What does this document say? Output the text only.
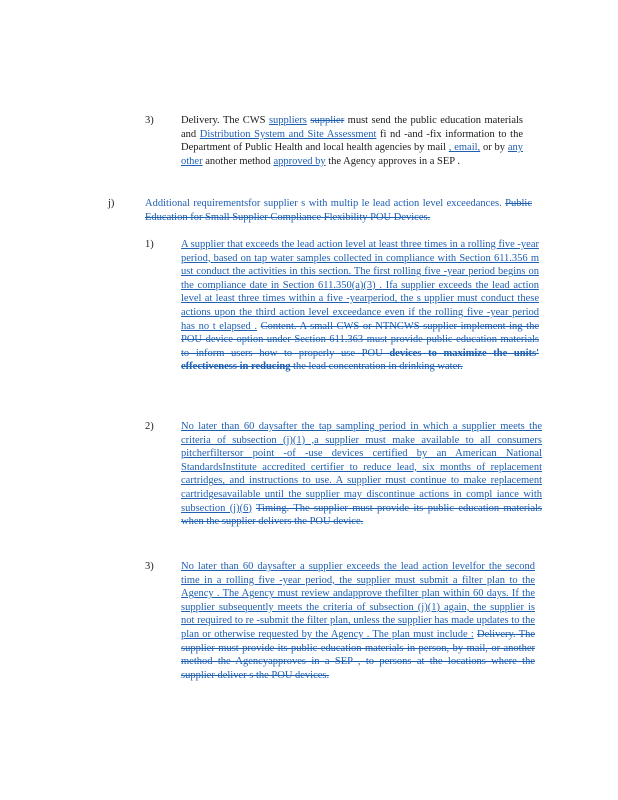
3)	Delivery. The CWS suppliers supplier must send the public education materials and Distribution System and Site Assessment fi nd -and -fix information to the Department of Public Health and local health agencies by mail , email, or by any other another method approved by the Agency approves in a SEP .
j)	Additional requirementsfor supplier s with multip le lead action level exceedances. Public Education for Small Supplier Compliance Flexibility POU Devices.
1)	A supplier that exceeds the lead action level at least three times in a rolling five -year period, based on tap water samples collected in compliance with Section 611.356 m ust conduct the activities in this section. The first rolling five -year period begins on the compliance date in Section 611.350(a)(3) . Ifa supplier exceeds the lead action level at least three times within a five -yearperiod, the s upplier must conduct these actions upon the third action level exceedance even if the rolling five -year period has no t elapsed . Content. A small CWS or NTNCWS supplier implement ing the POU device option under Section 611.363 must provide public education materials to inform users how to properly use POU devices to maximize the units' effectiveness in reducing the lead concentration in drinking water.
2)	No later than 60 daysafter the tap sampling period in which a supplier meets the criteria of subsection (j)(1) ,a supplier must make available to all consumers pitcherfiltersor point -of -use devices certified by an American National StandardsInstitute accredited certifier to reduce lead, six months of replacement cartridges, and instructions to use. A supplier must continue to make replacement cartridgesavailable until the supplier may discontinue actions in compl iance with subsection (j)(6) Timing. The supplier must provide its public education materials when the supplier delivers the POU device.
3)	No later than 60 daysafter a supplier exceeds the lead action levelfor the second time in a rolling five -year period, the supplier must submit a filter plan to the Agency . The Agency must review andapprove thefilter plan within 60 days. If the supplier subsequently meets the criteria of subsection (j)(1) again, the supplier is not required to re -submit the filter plan, unless the supplier has made updates to the plan or otherwise requested by the Agency . The plan must include : Delivery. The supplier must provide its public education materials in person, by mail, or another method the Agencyapproves in a SEP , to persons at the locations where the supplier deliver s the POU devices.
